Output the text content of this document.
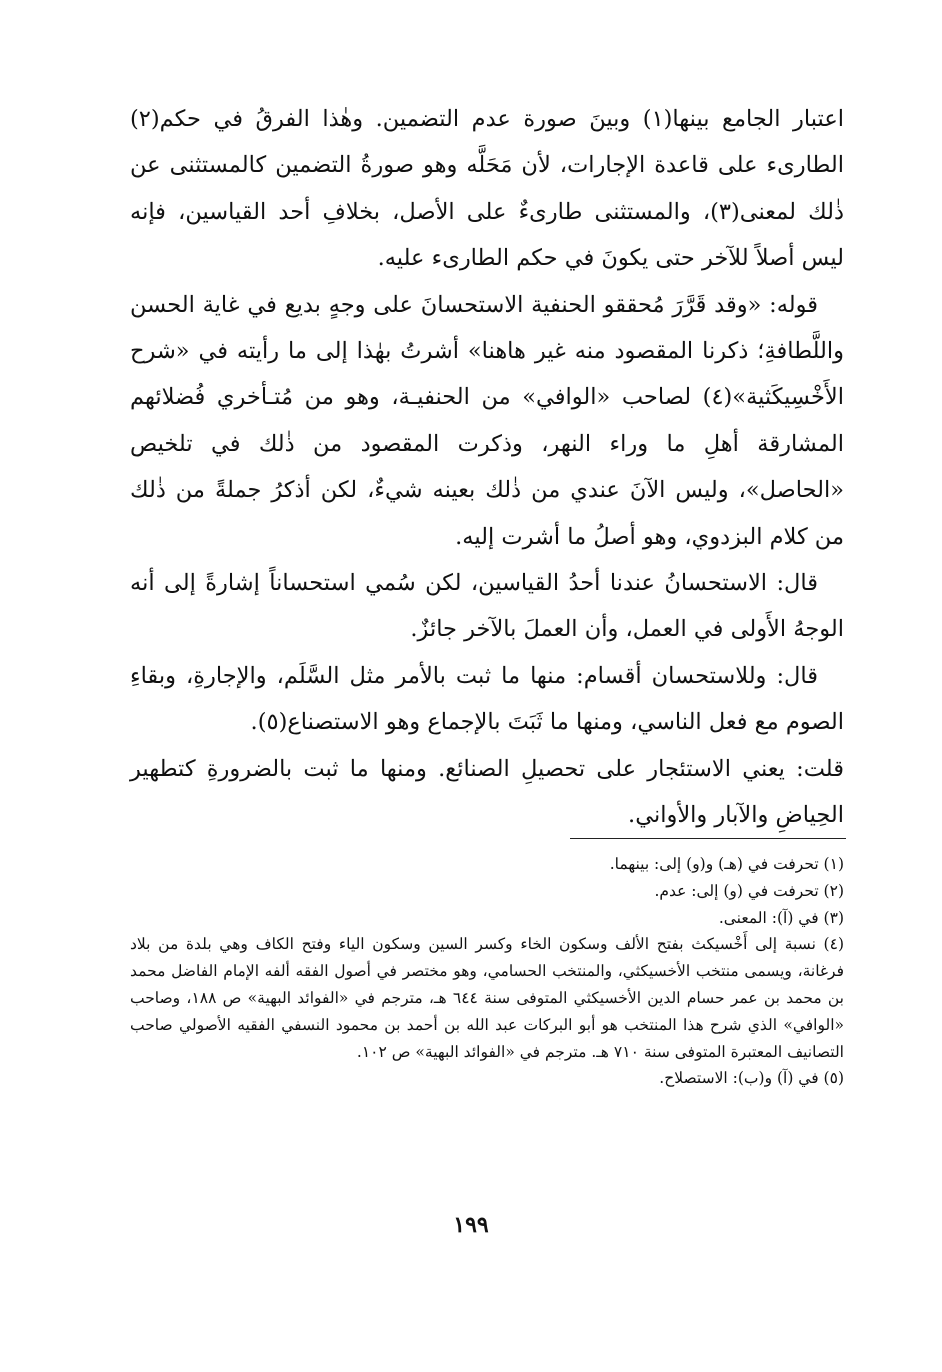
اعتبار الجامع بينها(١) وبينَ صورة عدم التضمين. وهٰذا الفرقُ في حكم(٢) الطارىء على قاعدة الإجارات، لأن مَحَلَّه وهو صورةُ التضمين كالمستثنى عن ذٰلك لمعنى(٣)، والمستثنى طارىءٌ على الأصل، بخلافِ أحد القياسين، فإنه ليس أصلاً للآخر حتى يكونَ في حكم الطارىء عليه.

قوله: «وقد قَرَّرَ مُحققو الحنفية الاستحسانَ على وجهٍ بديع في غاية الحسن واللَّطافةِ؛ ذكرنا المقصود منه غير هاهنا» أشرتُ بهٰذا إلى ما رأيته في «شرح الأَخْسِيكَثية»(٤) لصاحب «الوافي» من الحنفيـة، وهو من مُتـأخري فُضلائهم المشارقة أهلِ ما وراء النهر، وذكرت المقصود من ذٰلك في تلخيص «الحاصل»، وليس الآنَ عندي من ذٰلك بعينه شيءٌ، لكن أذكرُ جملةً من ذٰلك من كلام البزدوي، وهو أصلُ ما أشرت إليه.

قال: الاستحسانُ عندنا أحدُ القياسين، لكن سُمي استحساناً إشارةً إلى أنه الوجهُ الأَولى في العمل، وأن العملَ بالآخر جائزٌ.

قال: وللاستحسان أقسام: منها ما ثبت بالأمر مثل السَّلَم، والإجارةِ، وبقاءِ الصوم مع فعل الناسي، ومنها ما ثَبَتَ بالإجماع وهو الاستصناع(٥).

قلت: يعني الاستئجار على تحصيلِ الصنائع. ومنها ما ثبت بالضرورةِ كتطهير الحِياضِ والآبار والأواني.

(١) تحرفت في (هـ) و(و) إلى: بينهما.

(٢) تحرفت في (و) إلى: عدم.

(٣) في (آ): المعنى.

(٤) نسبة إلى أَخْسيكث بفتح الألف وسكون الخاء وكسر السين وسكون الياء وفتح الكاف وهي بلدة من بلاد فرغانة، ويسمى منتخب الأخسيكثي، والمنتخب الحسامي، وهو مختصر في أصول الفقه ألفه الإمام الفاضل محمد بن محمد بن عمر حسام الدين الأخسيكثي المتوفى سنة ٦٤٤ هـ، مترجم في «الفوائد البهية» ص ١٨٨، وصاحب «الوافي» الذي شرح هذا المنتخب هو أبو البركات عبد الله بن أحمد بن محمود النسفي الفقيه الأصولي صاحب التصانيف المعتبرة المتوفى سنة ٧١٠ هـ. مترجم في «الفوائد البهية» ص ١٠٢.

(٥) في (آ) و(ب): الاستصلاح.

١٩٩
